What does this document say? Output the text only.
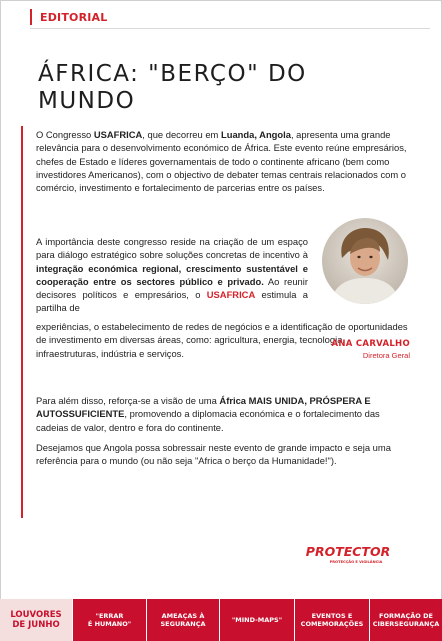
EDITORIAL
ÁFRICA: "BERÇO" DO
MUNDO

O Congresso USAFRICA, que decorreu em Luanda, Angola, apresenta uma grande relevância para o desenvolvimento económico de África. Este evento reúne empresários, chefes de Estado e líderes governamentais de todo o continente africano (bem como investidores Americanos), com o objectivo de debater temas centrais relacionados com o comércio, investimento e fortalecimento de parcerias entre os países.

A importância deste congresso reside na criação de um espaço para diálogo estratégico sobre soluções concretas de incentivo à integração económica regional, crescimento sustentável e cooperação entre os sectores público e privado. Ao reunir decisores políticos e empresários, o USAFRICA estimula a partilha de

experiências, o estabelecimento de redes de negócios e a identificação de oportunidades de investimento em diversas áreas, como: agricultura, energia, tecnologia, infraestruturas, indústria e serviços.

Para além disso, reforça-se a visão de uma África MAIS UNIDA, PRÓSPERA E AUTOSSUFICIENTE, promovendo a diplomacia económica e o fortalecimento das cadeias de valor, dentro e fora do continente.

Desejamos que Angola possa sobressair neste evento de grande impacto e seja uma referência para o mundo (ou não seja "Africa o berço da Humanidade!").

ANA CARVALHO
Diretora Geral
PROTECTOR
PROTECÇÃO E VIGILÂNCIA
LOUVORES
DE JUNHO
"ERRAR
É HUMANO"
AMEAÇAS À
SEGURANÇA	"MIND-MAPS"	EVENTOS E
COMEMORAÇÕES
FORMAÇÃO DE
CIBERSEGURANÇA
